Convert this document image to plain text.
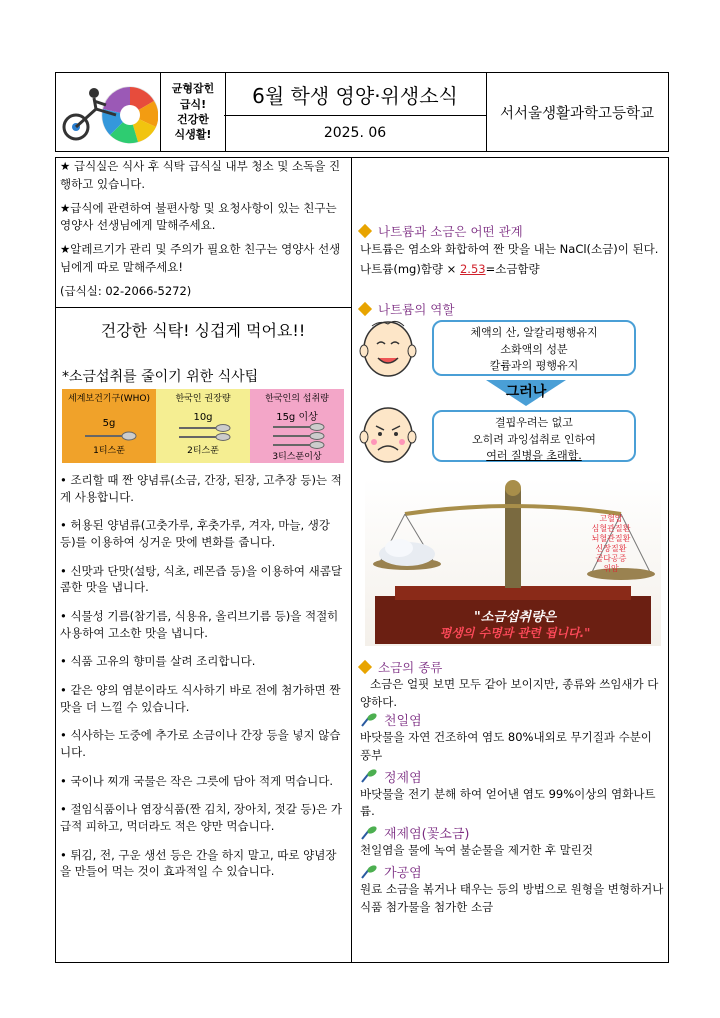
균형잡힌
급식!
건강한
식생활!
6월 학생 영양·위생소식
2025. 06
서서울생활과학고등학교
★ 급식실은 식사 후 식탁 급식실 내부 청소 및 소독을 진행하고 있습니다.
★급식에 관련하여 불편사항 및 요청사항이 있는 친구는 영양사 선생님에게 말해주세요.
★알레르기가 관리 및 주의가 필요한 친구는 영양사 선생님에게 따로 말해주세요!
(급식실: 02-2066-5272)
건강한 식탁! 싱겁게 먹어요!!
*소금섭취를 줄이기 위한 식사팁
세계보건기구(WHO)
5g
1티스푼
한국인 권장량
10g
2티스푼
한국인의 섭취량
15g 이상
3티스푼이상

• 조리할 때 짠 양념류(소금, 간장, 된장, 고추장 등)는 적게 사용합니다.

• 허용된 양념류(고춧가루, 후춧가루, 겨자, 마늘, 생강 등)를 이용하여 싱거운 맛에 변화를 줍니다.

• 신맛과 단맛(설탕, 식초, 레몬즙 등)을 이용하여 새콤달콤한 맛을 냅니다.

• 식물성 기름(참기름, 식용유, 올리브기름 등)을 적절히 사용하여 고소한 맛을 냅니다.

• 식품 고유의 향미를 살려 조리합니다.

• 같은 양의 염분이라도 식사하기 바로 전에 첨가하면 짠맛을 더 느낄 수 있습니다.

• 식사하는 도중에 추가로 소금이나 간장 등을 넣지 않습니다.

• 국이나 찌개 국물은 작은 그릇에 담아 적게 먹습니다.

• 절임식품이나 염장식품(짠 김치, 장아치, 젓갈 등)은 가급적 피하고, 먹더라도 적은 양만 먹습니다.

• 튀김, 전, 구운 생선 등은 간을 하지 말고, 따로 양념장을 만들어 먹는 것이 효과적일 수 있습니다.

나트륨과 소금은 어떤 관계
나트륨은 염소와 화합하여 짠 맛을 내는 NaCl(소금)이 된다.
나트륨(mg)함량 × 2.53=소금함량
나트륨의 역할
체액의 산, 알칼리평행유지
소화액의 성분
칼륨과의 평행유지
그러나
결핍우려는 없고
오히려 과잉섭취로 인하여
여러 질병을 초래함.
고혈압
심혈관질환
뇌혈관질환
신장질환
골다공증
위암
"소금섭취량은
평생의 수명과 관련 됩니다."
소금의 종류
소금은 얼핏 보면 모두 같아 보이지만, 종류와 쓰임새가 다양하다.
천일염
바닷물을 자연 건조하여 염도 80%내외로 무기질과 수분이 풍부
정제염
바닷물을 전기 분해 하여 얻어낸 염도 99%이상의 염화나트륨.
재제염(꽃소금)
천일염을 물에 녹여 불순물을 제거한 후 말린것
가공염
원료 소금을 볶거나 태우는 등의 방법으로 원형을 변형하거나 식품 첨가물을 첨가한 소금
